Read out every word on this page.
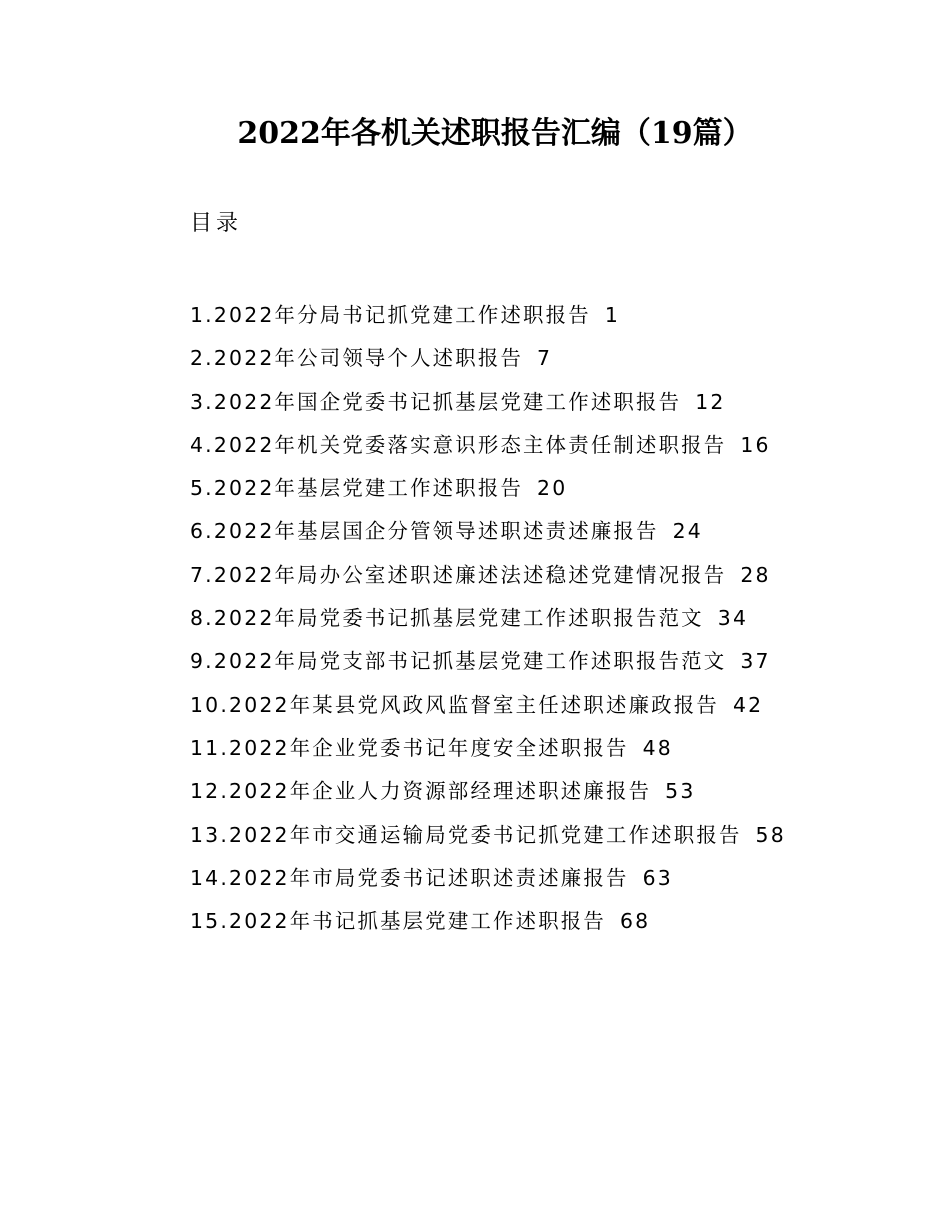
2022年各机关述职报告汇编（19篇）
目录
1.2022年分局书记抓党建工作述职报告 1
2.2022年公司领导个人述职报告 7
3.2022年国企党委书记抓基层党建工作述职报告 12
4.2022年机关党委落实意识形态主体责任制述职报告 16
5.2022年基层党建工作述职报告 20
6.2022年基层国企分管领导述职述责述廉报告 24
7.2022年局办公室述职述廉述法述稳述党建情况报告 28
8.2022年局党委书记抓基层党建工作述职报告范文 34
9.2022年局党支部书记抓基层党建工作述职报告范文 37
10.2022年某县党风政风监督室主任述职述廉政报告 42
11.2022年企业党委书记年度安全述职报告 48
12.2022年企业人力资源部经理述职述廉报告 53
13.2022年市交通运输局党委书记抓党建工作述职报告 58
14.2022年市局党委书记述职述责述廉报告 63
15.2022年书记抓基层党建工作述职报告 68
